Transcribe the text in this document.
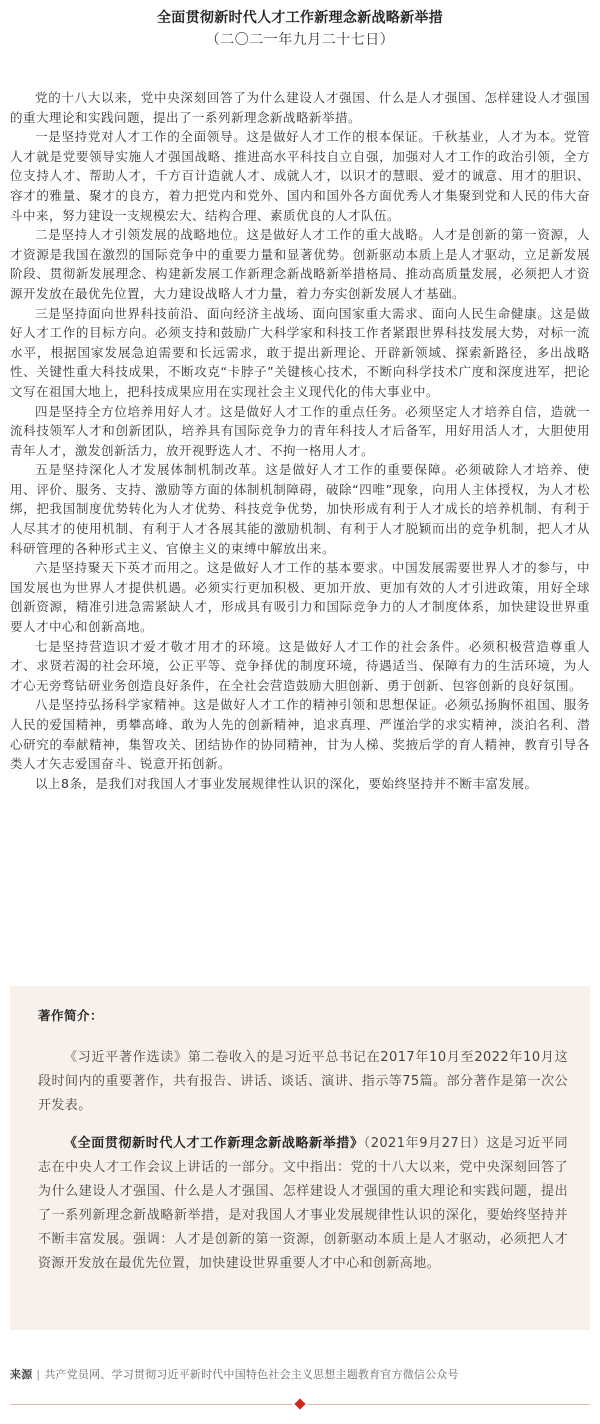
全面贯彻新时代人才工作新理念新战略新举措
（二〇二一年九月二十七日）

党的十八大以来，党中央深刻回答了为什么建设人才强国、什么是人才强国、怎样建设人才强国的重大理论和实践问题，提出了一系列新理念新战略新举措。

一是坚持党对人才工作的全面领导。这是做好人才工作的根本保证。千秋基业，人才为本。党管人才就是党要领导实施人才强国战略、推进高水平科技自立自强，加强对人才工作的政治引领，全方位支持人才、帮助人才，千方百计造就人才、成就人才，以识才的慧眼、爱才的诚意、用才的胆识、容才的雅量、聚才的良方，着力把党内和党外、国内和国外各方面优秀人才集聚到党和人民的伟大奋斗中来，努力建设一支规模宏大、结构合理、素质优良的人才队伍。

二是坚持人才引领发展的战略地位。这是做好人才工作的重大战略。人才是创新的第一资源，人才资源是我国在激烈的国际竞争中的重要力量和显著优势。创新驱动本质上是人才驱动，立足新发展阶段、贯彻新发展理念、构建新发展工作新理念新战略新举措格局、推动高质量发展，必须把人才资源开发放在最优先位置，大力建设战略人才力量，着力夯实创新发展人才基础。

三是坚持面向世界科技前沿、面向经济主战场、面向国家重大需求、面向人民生命健康。这是做好人才工作的目标方向。必须支持和鼓励广大科学家和科技工作者紧跟世界科技发展大势，对标一流水平，根据国家发展急迫需要和长远需求，敢于提出新理论、开辟新领域、探索新路径，多出战略性、关键性重大科技成果，不断攻克“卡脖子”关键核心技术，不断向科学技术广度和深度进军，把论文写在祖国大地上，把科技成果应用在实现社会主义现代化的伟大事业中。

四是坚持全方位培养用好人才。这是做好人才工作的重点任务。必须坚定人才培养自信，造就一流科技领军人才和创新团队，培养具有国际竞争力的青年科技人才后备军，用好用活人才，大胆使用青年人才，激发创新活力，放开视野选人才、不拘一格用人才。

五是坚持深化人才发展体制机制改革。这是做好人才工作的重要保障。必须破除人才培养、使用、评价、服务、支持、激励等方面的体制机制障碍，破除“四唯”现象，向用人主体授权，为人才松绑，把我国制度优势转化为人才优势、科技竞争优势，加快形成有利于人才成长的培养机制、有利于人尽其才的使用机制、有利于人才各展其能的激励机制、有利于人才脱颖而出的竞争机制，把人才从科研管理的各种形式主义、官僚主义的束缚中解放出来。

六是坚持聚天下英才而用之。这是做好人才工作的基本要求。中国发展需要世界人才的参与，中国发展也为世界人才提供机遇。必须实行更加积极、更加开放、更加有效的人才引进政策，用好全球创新资源，精准引进急需紧缺人才，形成具有吸引力和国际竞争力的人才制度体系，加快建设世界重要人才中心和创新高地。

七是坚持营造识才爱才敬才用才的环境。这是做好人才工作的社会条件。必须积极营造尊重人才、求贤若渴的社会环境，公正平等、竞争择优的制度环境，待遇适当、保障有力的生活环境，为人才心无旁骛钻研业务创造良好条件，在全社会营造鼓励大胆创新、勇于创新、包容创新的良好氛围。

八是坚持弘扬科学家精神。这是做好人才工作的精神引领和思想保证。必须弘扬胸怀祖国、服务人民的爱国精神，勇攀高峰、敢为人先的创新精神，追求真理、严谨治学的求实精神，淡泊名利、潜心研究的奉献精神，集智攻关、团结协作的协同精神，甘为人梯、奖掖后学的育人精神，教育引导各类人才矢志爱国奋斗、锐意开拓创新。

以上8条，是我们对我国人才事业发展规律性认识的深化，要始终坚持并不断丰富发展。

著作简介：

《习近平著作选读》第二卷收入的是习近平总书记在2017年10月至2022年10月这段时间内的重要著作，共有报告、讲话、谈话、演讲、指示等75篇。部分著作是第一次公开发表。

《全面贯彻新时代人才工作新理念新战略新举措》（2021年9月27日）这是习近平同志在中央人才工作会议上讲话的一部分。文中指出：党的十八大以来，党中央深刻回答了为什么建设人才强国、什么是人才强国、怎样建设人才强国的重大理论和实践问题，提出了一系列新理念新战略新举措，是对我国人才事业发展规律性认识的深化，要始终坚持并不断丰富发展。强调：人才是创新的第一资源，创新驱动本质上是人才驱动，必须把人才资源开发放在最优先位置，加快建设世界重要人才中心和创新高地。

来源 | 共产党员网、学习贯彻习近平新时代中国特色社会主义思想主题教育官方微信公众号
